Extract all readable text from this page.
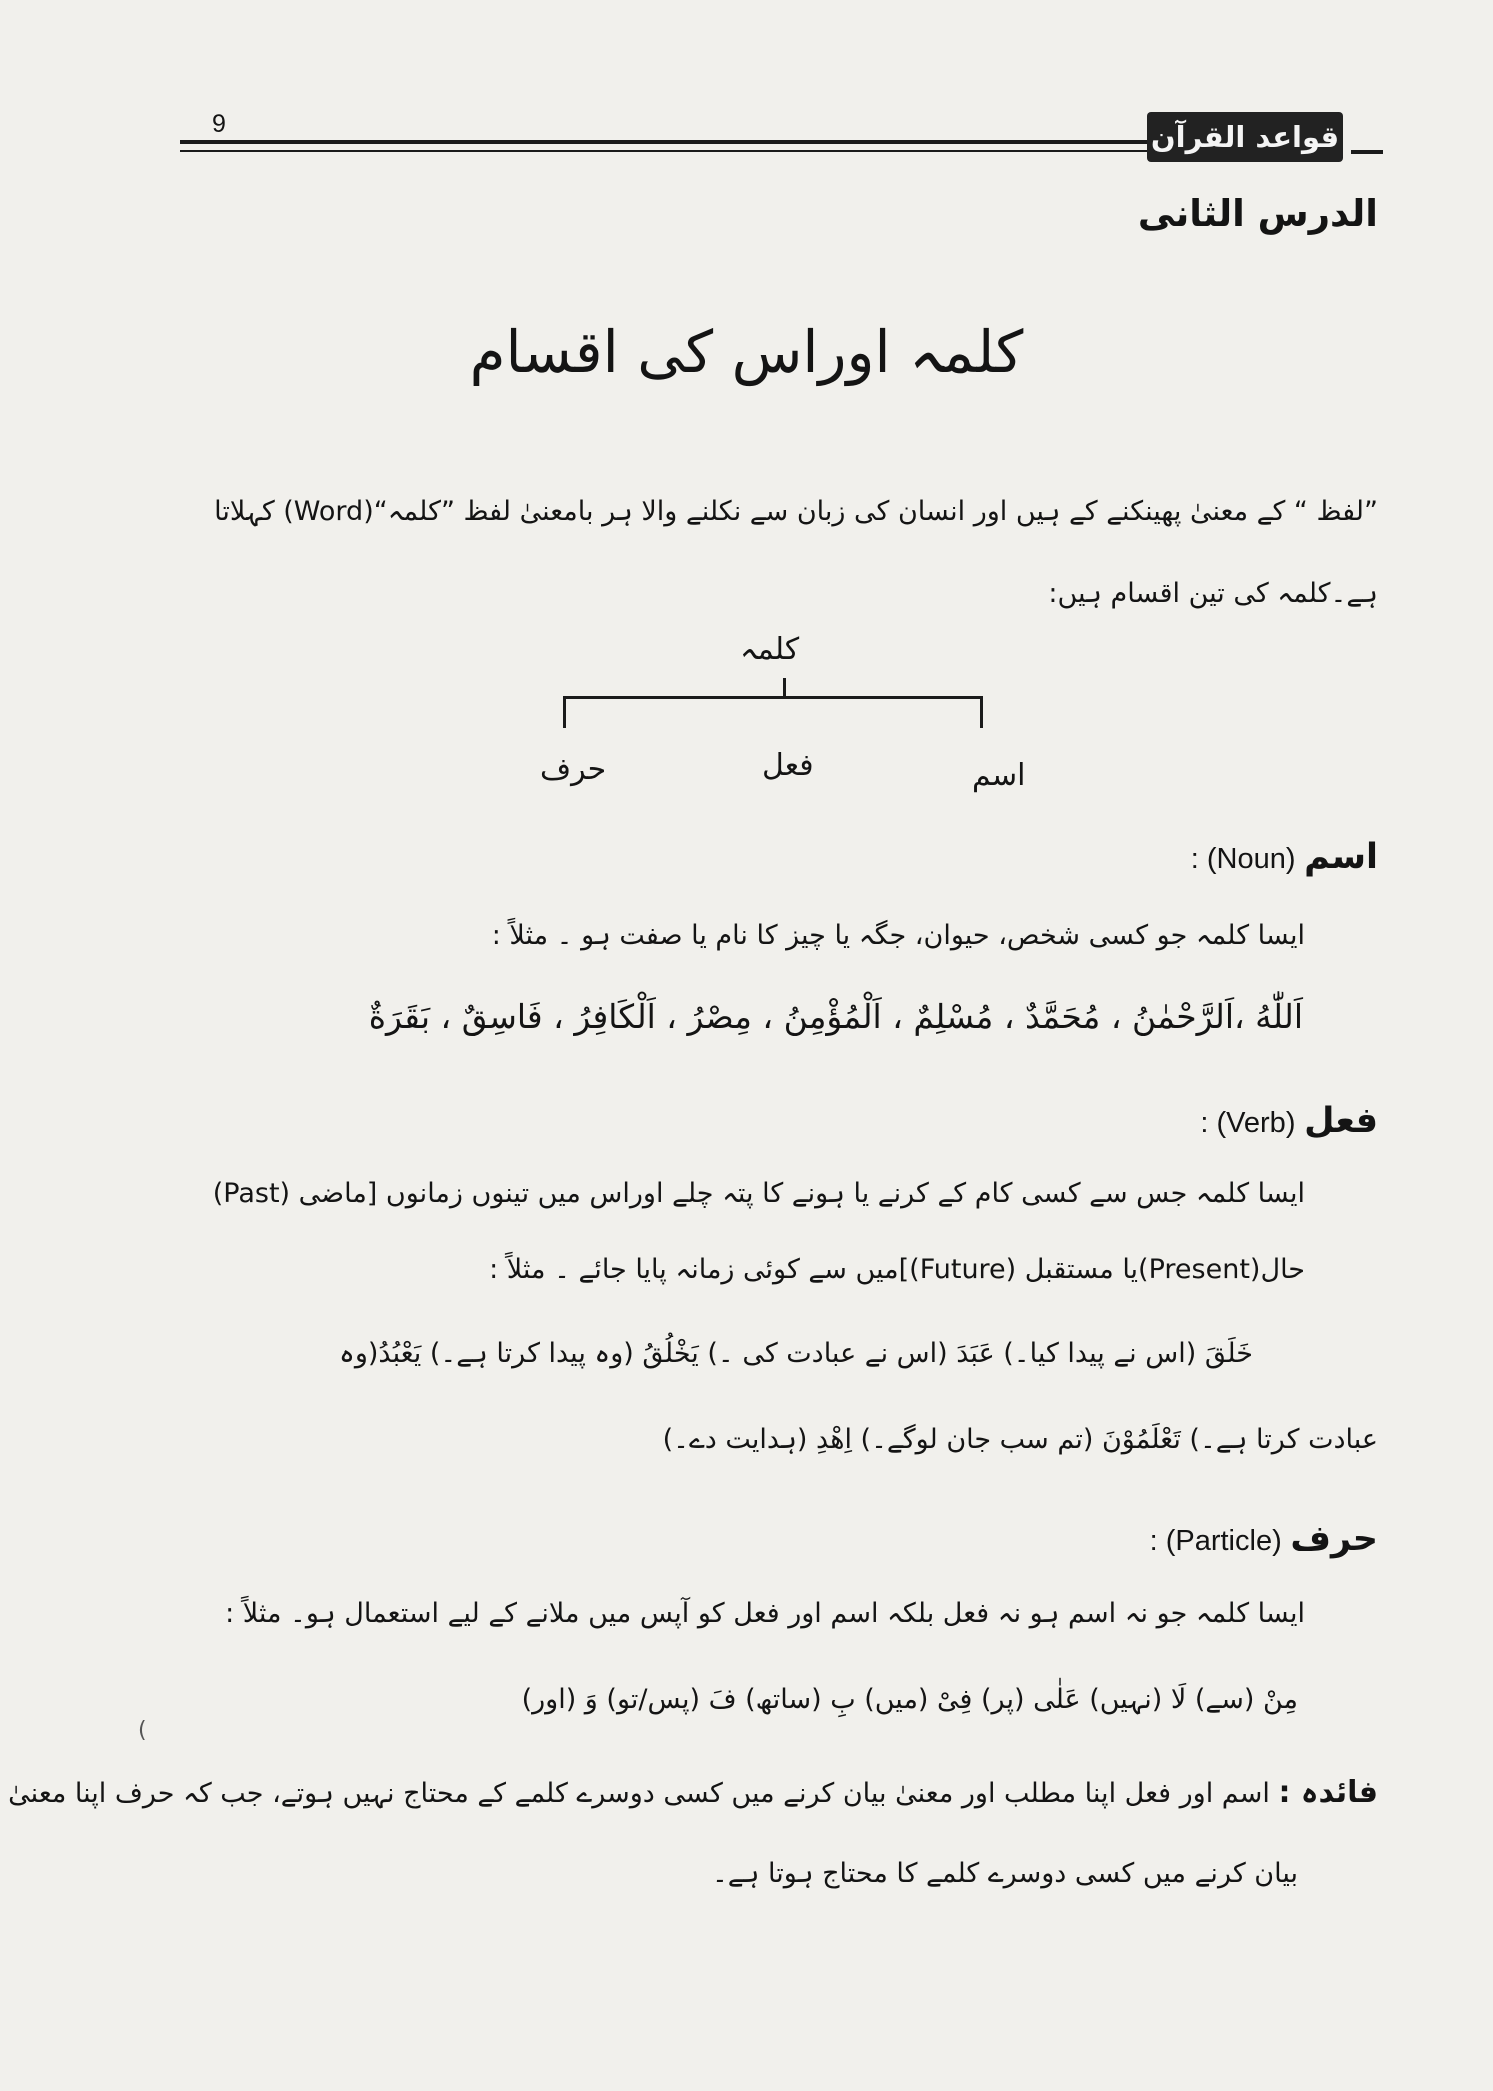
9	قواعد القرآن
الدرس الثانی
کلمہ اوراس کی اقسام
”لفظ “ کے معنیٰ پھینکنے کے ہیں اور انسان کی زبان سے نکلنے والا ہر بامعنیٰ لفظ ”کلمہ“(Word) کہلاتا
ہے۔کلمہ کی تین اقسام ہیں:
کلمہ
حرف	فعل	اسم
اسم (Noun) :
ایسا کلمہ جو کسی شخص، حیوان، جگہ یا چیز کا نام یا صفت ہو ۔ مثلاً :
اَللّٰهُ ،اَلرَّحْمٰنُ ، مُحَمَّدٌ ، مُسْلِمٌ ، اَلْمُؤْمِنُ ، مِصْرُ ، اَلْكَافِرُ ، فَاسِقٌ ، بَقَرَةٌ
فعل (Verb) :
ایسا کلمہ جس سے کسی کام کے کرنے یا ہونے کا پتہ چلے اوراس میں تینوں زمانوں [ماضی (Past)
حال(Present)یا مستقبل (Future)]میں سے کوئی زمانہ پایا جائے ۔ مثلاً :
خَلَقَ (اس نے پیدا کیا۔) عَبَدَ (اس نے عبادت کی ۔) یَخْلُقُ (وہ پیدا کرتا ہے۔) یَعْبُدُ(وہ
عبادت کرتا ہے۔) تَعْلَمُوْنَ (تم سب جان لوگے۔) اِهْدِ (ہدایت دے۔)
حرف (Particle) :
ایسا کلمہ جو نہ اسم ہو نہ فعل بلکہ اسم اور فعل کو آپس میں ملانے کے لیے استعمال ہو۔ مثلاً :
مِنْ (سے) لَا (نہیں) عَلٰی (پر) فِیْ (میں) بِ (ساتھ) فَ (پس/تو) وَ (اور)
فائدہ : اسم اور فعل اپنا مطلب اور معنیٰ بیان کرنے میں کسی دوسرے کلمے کے محتاج نہیں ہوتے، جب کہ حرف اپنا معنیٰ
بیان کرنے میں کسی دوسرے کلمے کا محتاج ہوتا ہے۔
(
